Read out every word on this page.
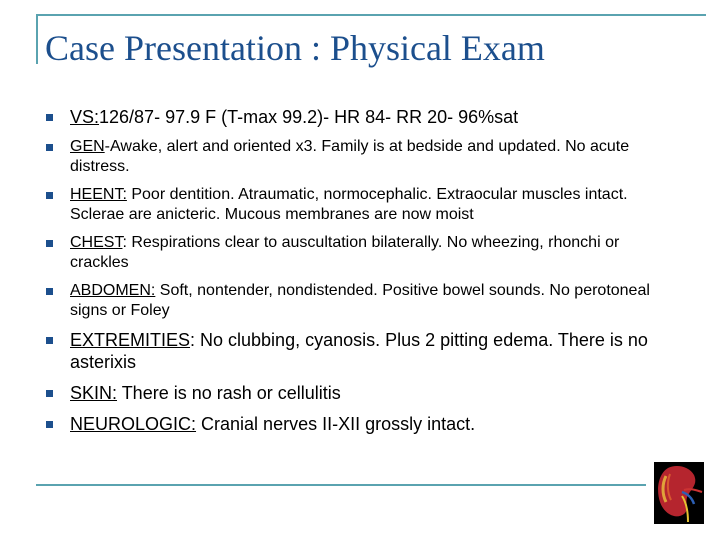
Case Presentation : Physical Exam
VS:126/87- 97.9 F (T-max 99.2)- HR 84- RR 20- 96%sat
GEN-Awake, alert and oriented x3. Family is at bedside and updated. No acute distress.
HEENT: Poor dentition. Atraumatic, normocephalic. Extraocular muscles intact. Sclerae are anicteric. Mucous membranes are now moist
CHEST: Respirations clear to auscultation bilaterally. No wheezing, rhonchi or crackles
ABDOMEN: Soft, nontender, nondistended. Positive bowel sounds. No perotoneal signs or Foley
EXTREMITIES: No clubbing, cyanosis. Plus 2 pitting edema. There is no asterixis
SKIN: There is no rash or cellulitis
NEUROLOGIC: Cranial nerves II-XII grossly intact.
